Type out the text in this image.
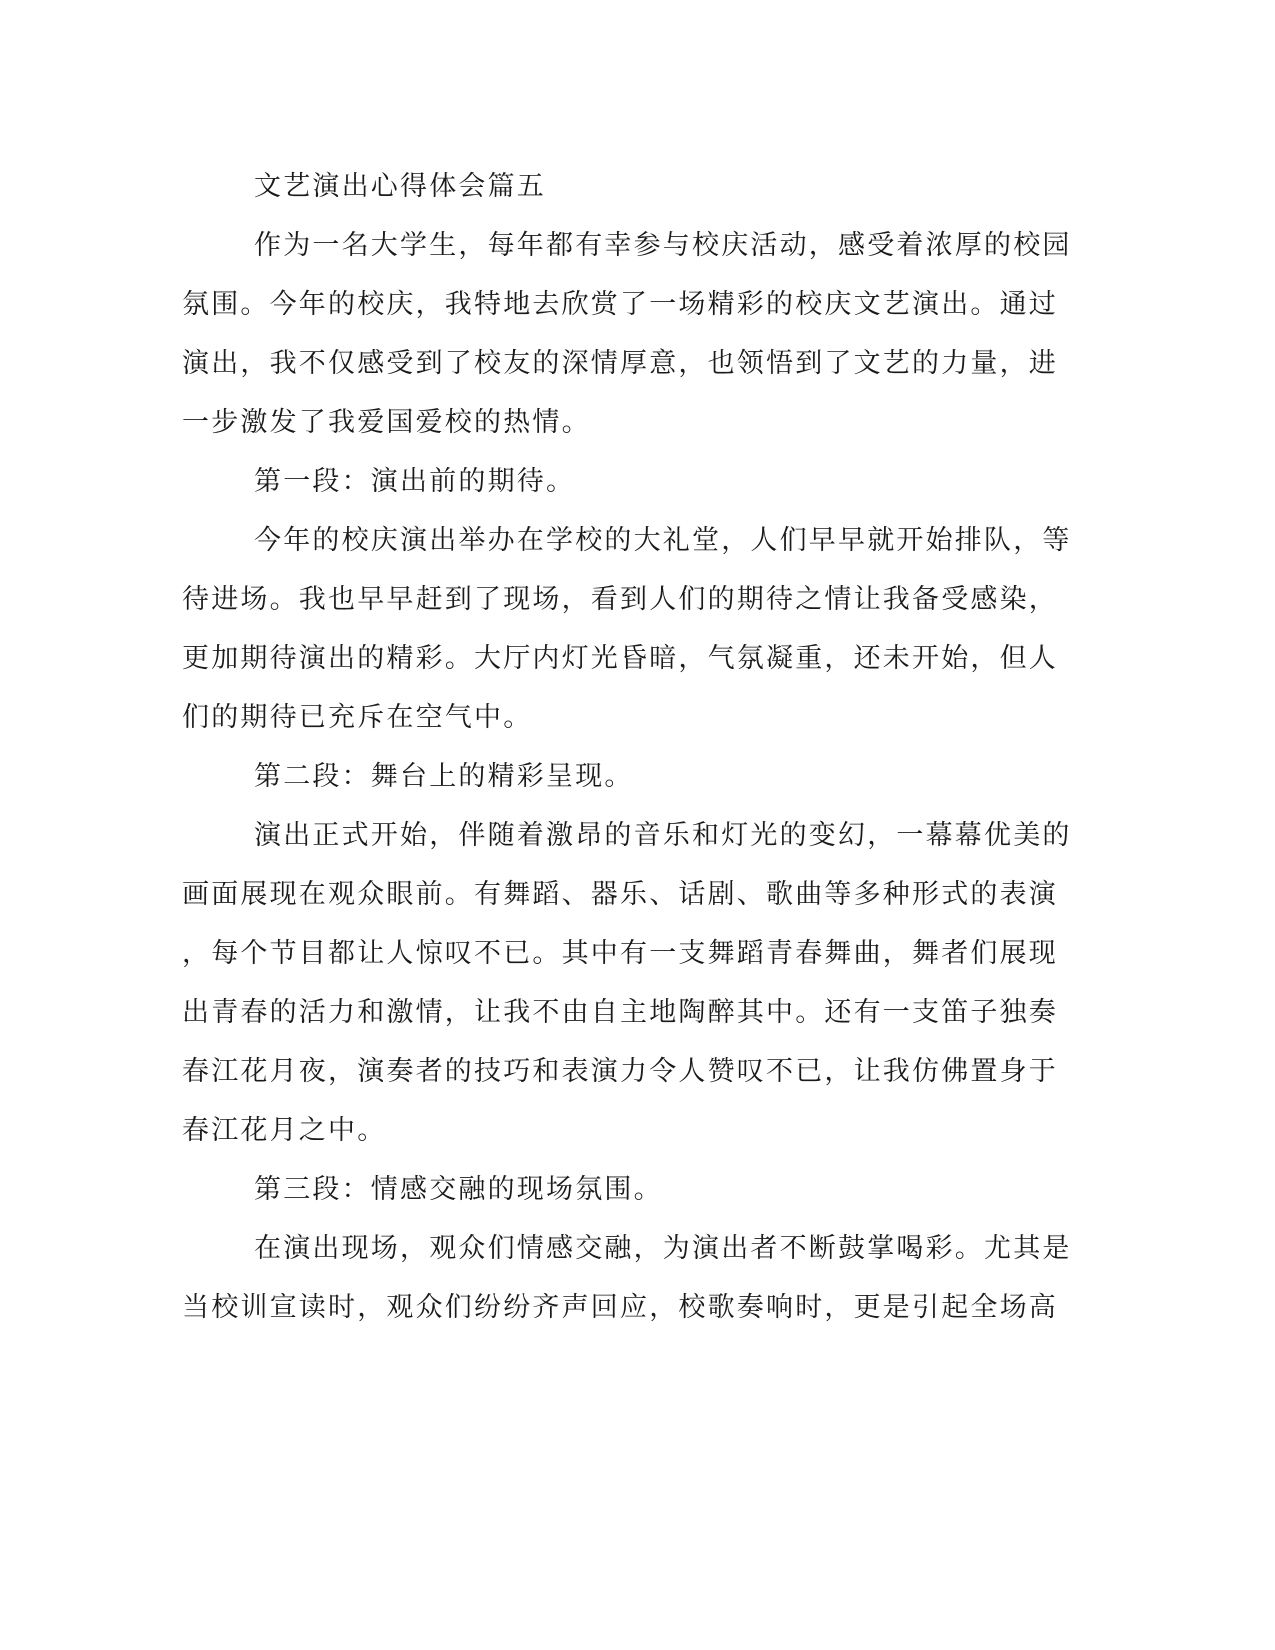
文艺演出心得体会篇五

作为一名大学生，每年都有幸参与校庆活动，感受着浓厚的校园
氛围。今年的校庆，我特地去欣赏了一场精彩的校庆文艺演出。通过
演出，我不仅感受到了校友的深情厚意，也领悟到了文艺的力量，进
一步激发了我爱国爱校的热情。

第一段：演出前的期待。

今年的校庆演出举办在学校的大礼堂，人们早早就开始排队，等
待进场。我也早早赶到了现场，看到人们的期待之情让我备受感染，
更加期待演出的精彩。大厅内灯光昏暗，气氛凝重，还未开始，但人
们的期待已充斥在空气中。

第二段：舞台上的精彩呈现。

演出正式开始，伴随着激昂的音乐和灯光的变幻，一幕幕优美的
画面展现在观众眼前。有舞蹈、器乐、话剧、歌曲等多种形式的表演
，每个节目都让人惊叹不已。其中有一支舞蹈青春舞曲，舞者们展现
出青春的活力和激情，让我不由自主地陶醉其中。还有一支笛子独奏
春江花月夜，演奏者的技巧和表演力令人赞叹不已，让我仿佛置身于
春江花月之中。

第三段：情感交融的现场氛围。

在演出现场，观众们情感交融，为演出者不断鼓掌喝彩。尤其是
当校训宣读时，观众们纷纷齐声回应，校歌奏响时，更是引起全场高
